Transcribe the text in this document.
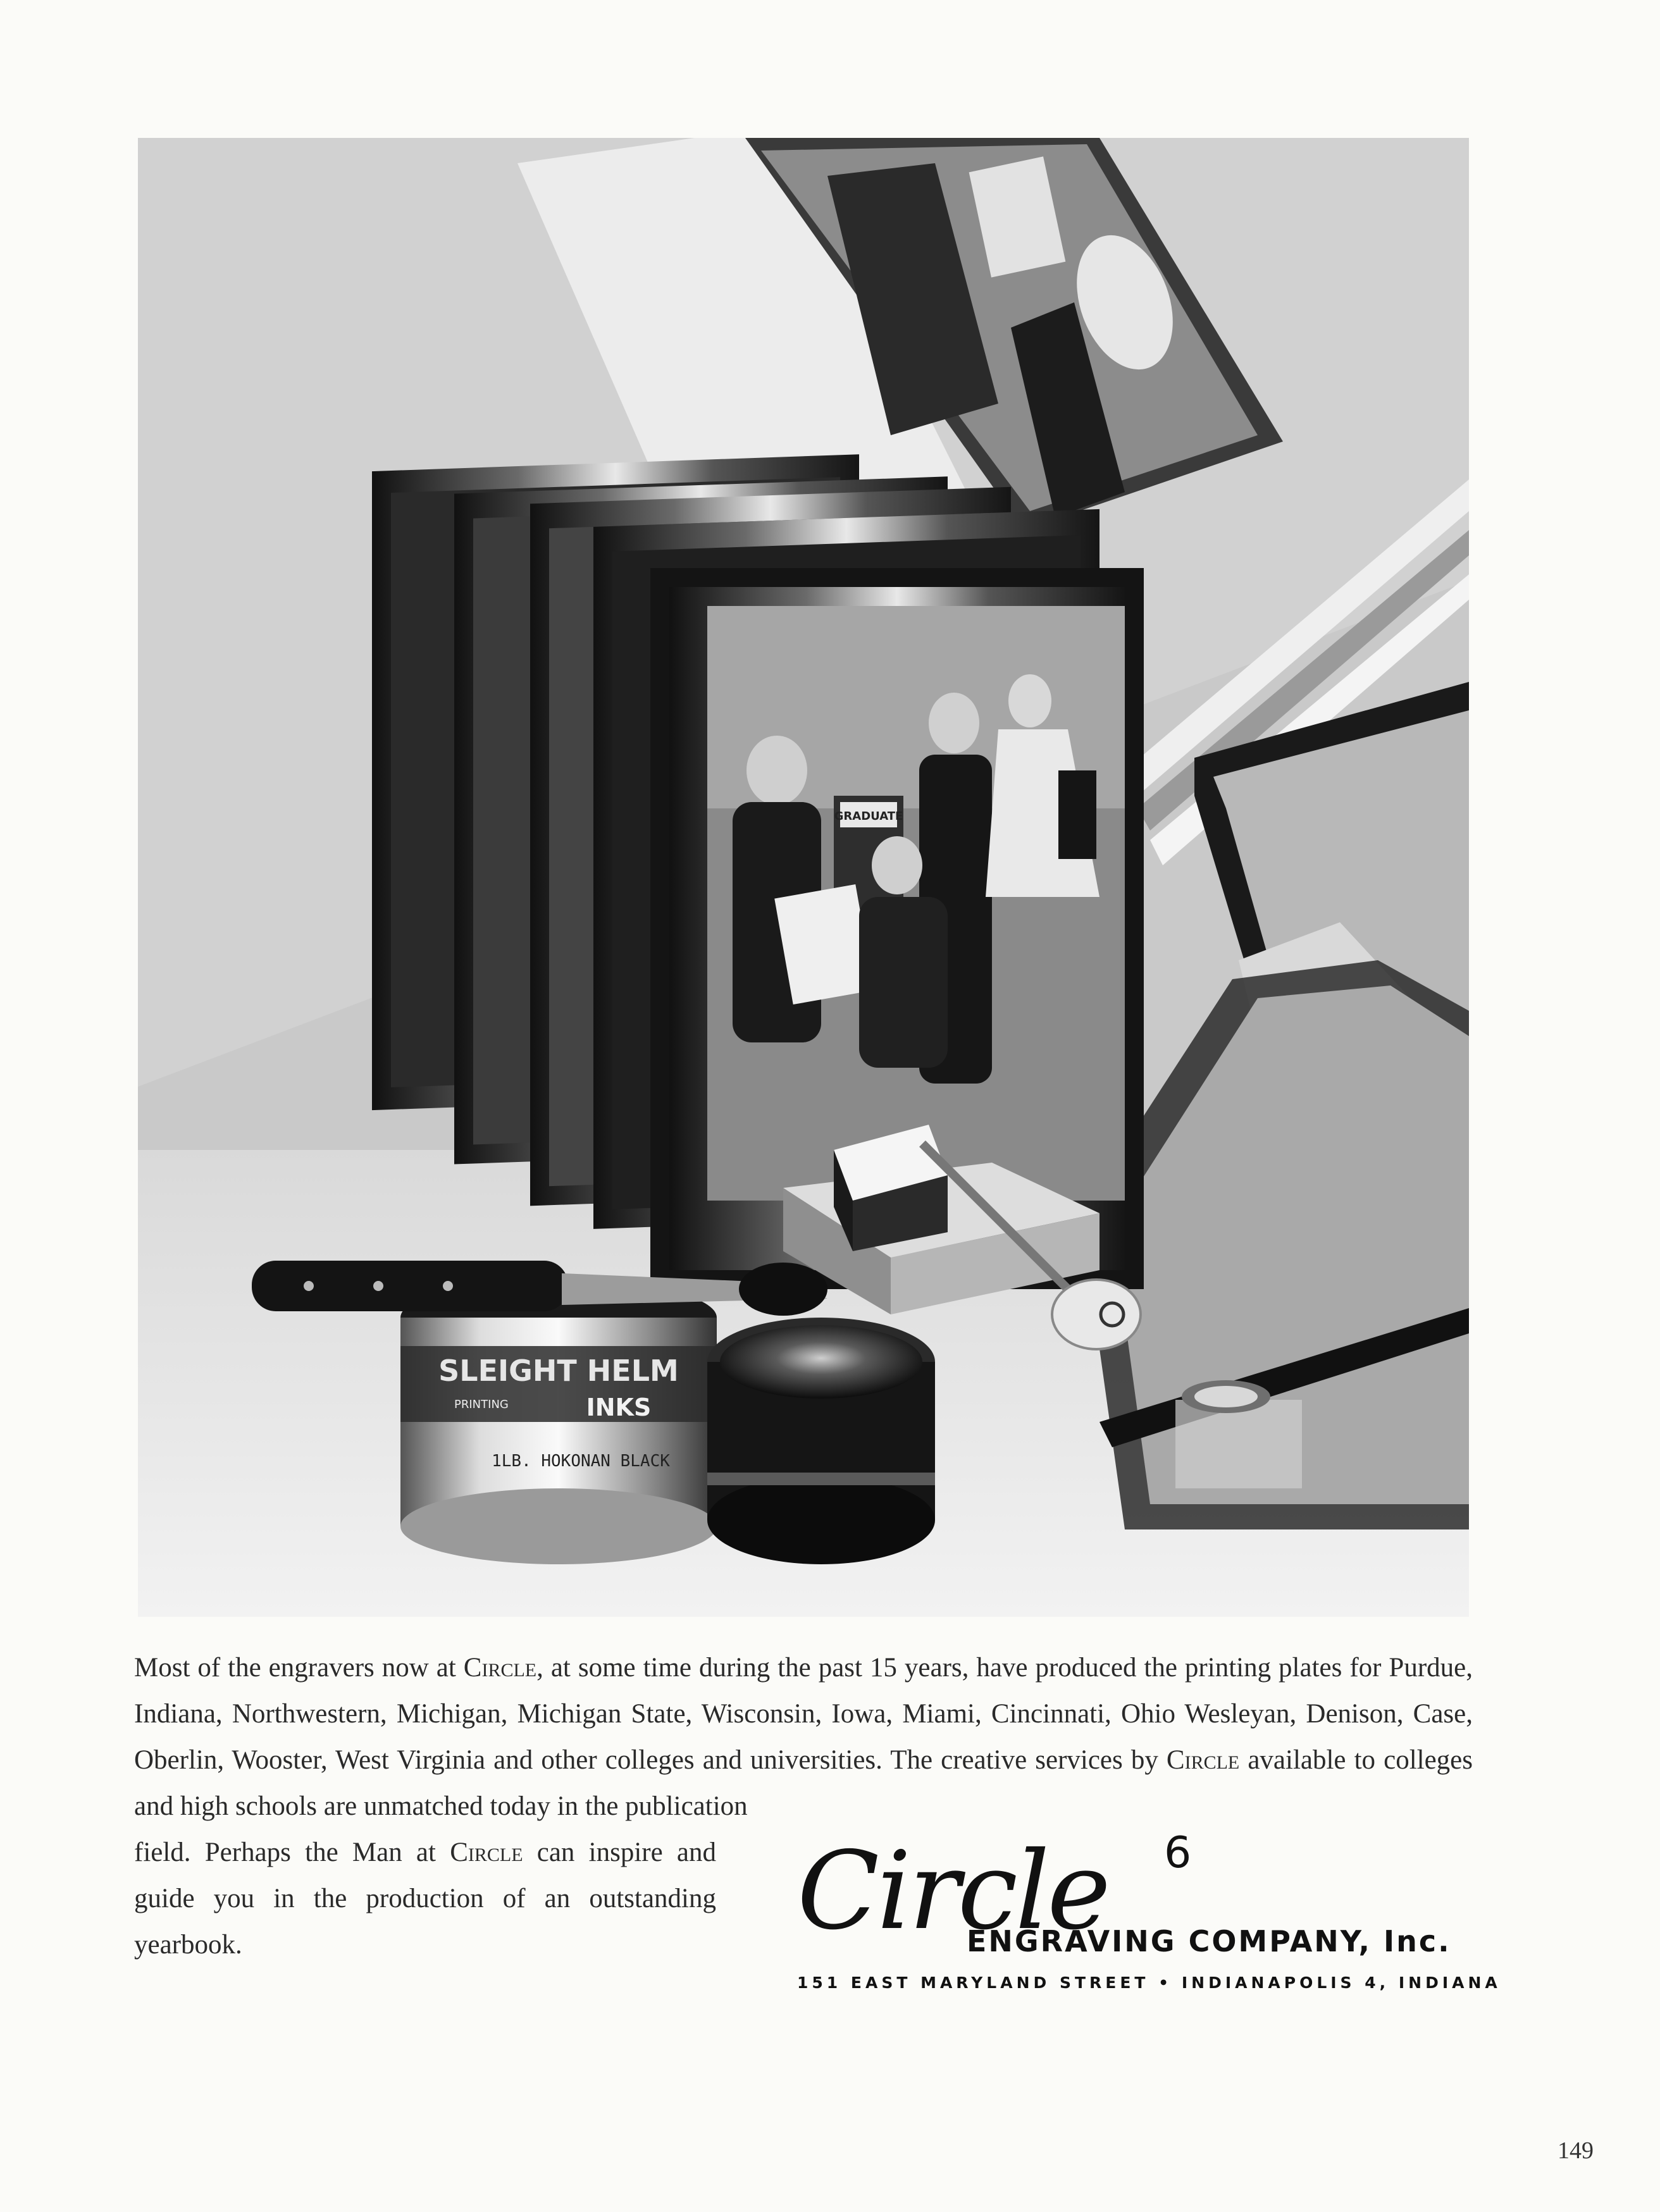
GRADUATE
SLEIGHT HELM
PRINTING	INKS
1LB. HOKONAN BLACK

Most of the engravers now at Circle, at some time during the past 15 years, have produced the printing plates for Purdue, Indiana, Northwestern, Michigan, Michigan State, Wisconsin, Iowa, Miami, Cincinnati, Ohio Wesleyan, Denison, Case, Oberlin, Wooster, West Virginia and other colleges and universities. The creative services by Circle available to colleges and high schools are unmatched today in the publication

field. Perhaps the Man at Circle can inspire and guide you in the production of an outstanding yearbook.	Circle 6
ENGRAVING COMPANY, Inc.
151 EAST MARYLAND STREET • INDIANAPOLIS 4, INDIANA
149
